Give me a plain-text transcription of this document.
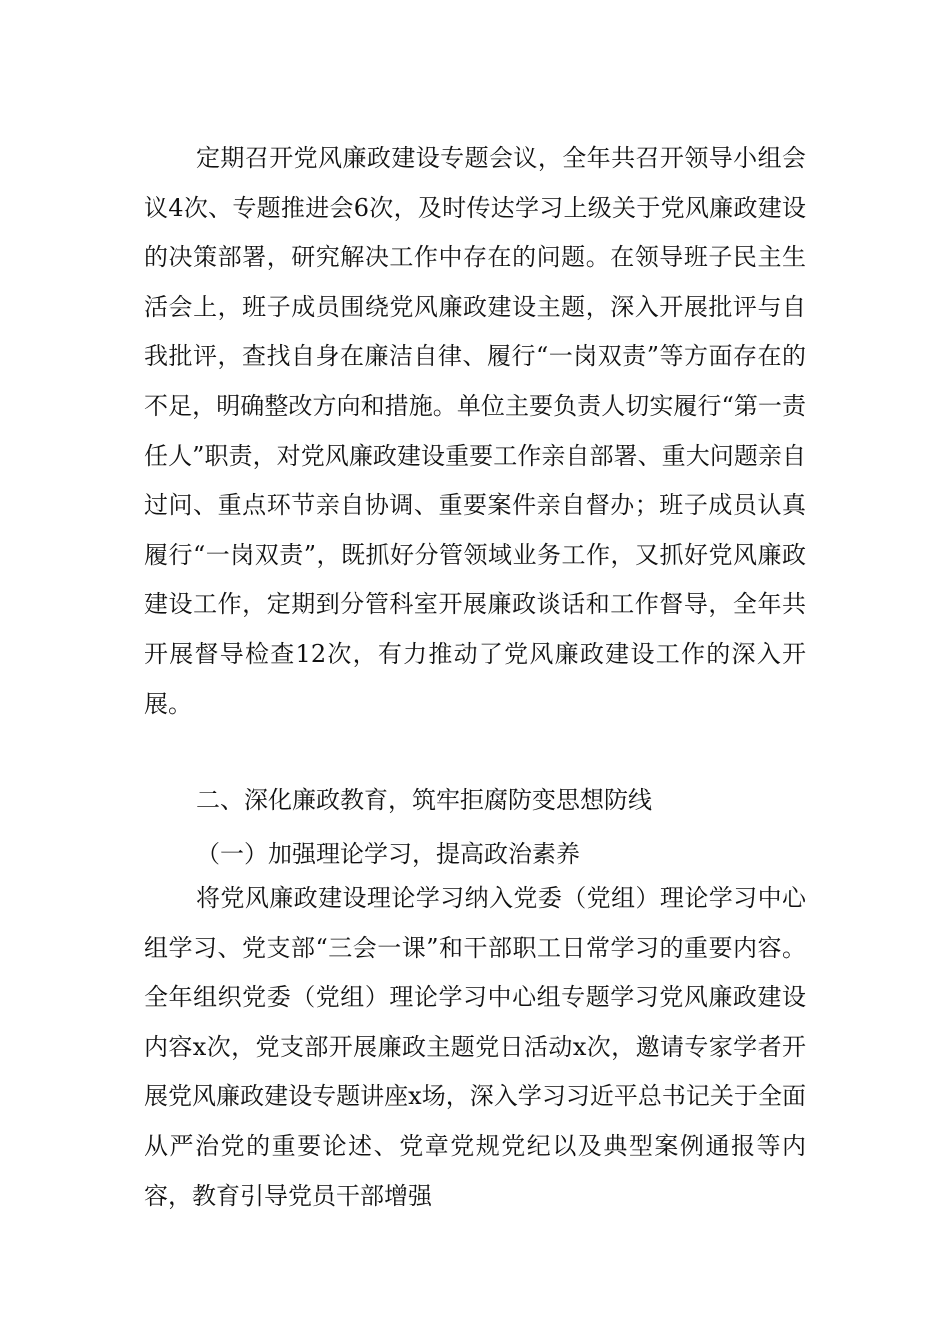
定期召开党风廉政建设专题会议，全年共召开领导小组会议4次、专题推进会6次，及时传达学习上级关于党风廉政建设的决策部署，研究解决工作中存在的问题。在领导班子民主生活会上，班子成员围绕党风廉政建设主题，深入开展批评与自我批评，查找自身在廉洁自律、履行“一岗双责”等方面存在的不足，明确整改方向和措施。单位主要负责人切实履行“第一责任人”职责，对党风廉政建设重要工作亲自部署、重大问题亲自过问、重点环节亲自协调、重要案件亲自督办；班子成员认真履行“一岗双责”，既抓好分管领域业务工作，又抓好党风廉政建设工作，定期到分管科室开展廉政谈话和工作督导，全年共开展督导检查12次，有力推动了党风廉政建设工作的深入开展。

二、深化廉政教育，筑牢拒腐防变思想防线

（一）加强理论学习，提高政治素养

将党风廉政建设理论学习纳入党委（党组）理论学习中心组学习、党支部“三会一课”和干部职工日常学习的重要内容。全年组织党委（党组）理论学习中心组专题学习党风廉政建设内容x次，党支部开展廉政主题党日活动x次，邀请专家学者开展党风廉政建设专题讲座x场，深入学习习近平总书记关于全面从严治党的重要论述、党章党规党纪以及典型案例通报等内容，教育引导党员干部增强
